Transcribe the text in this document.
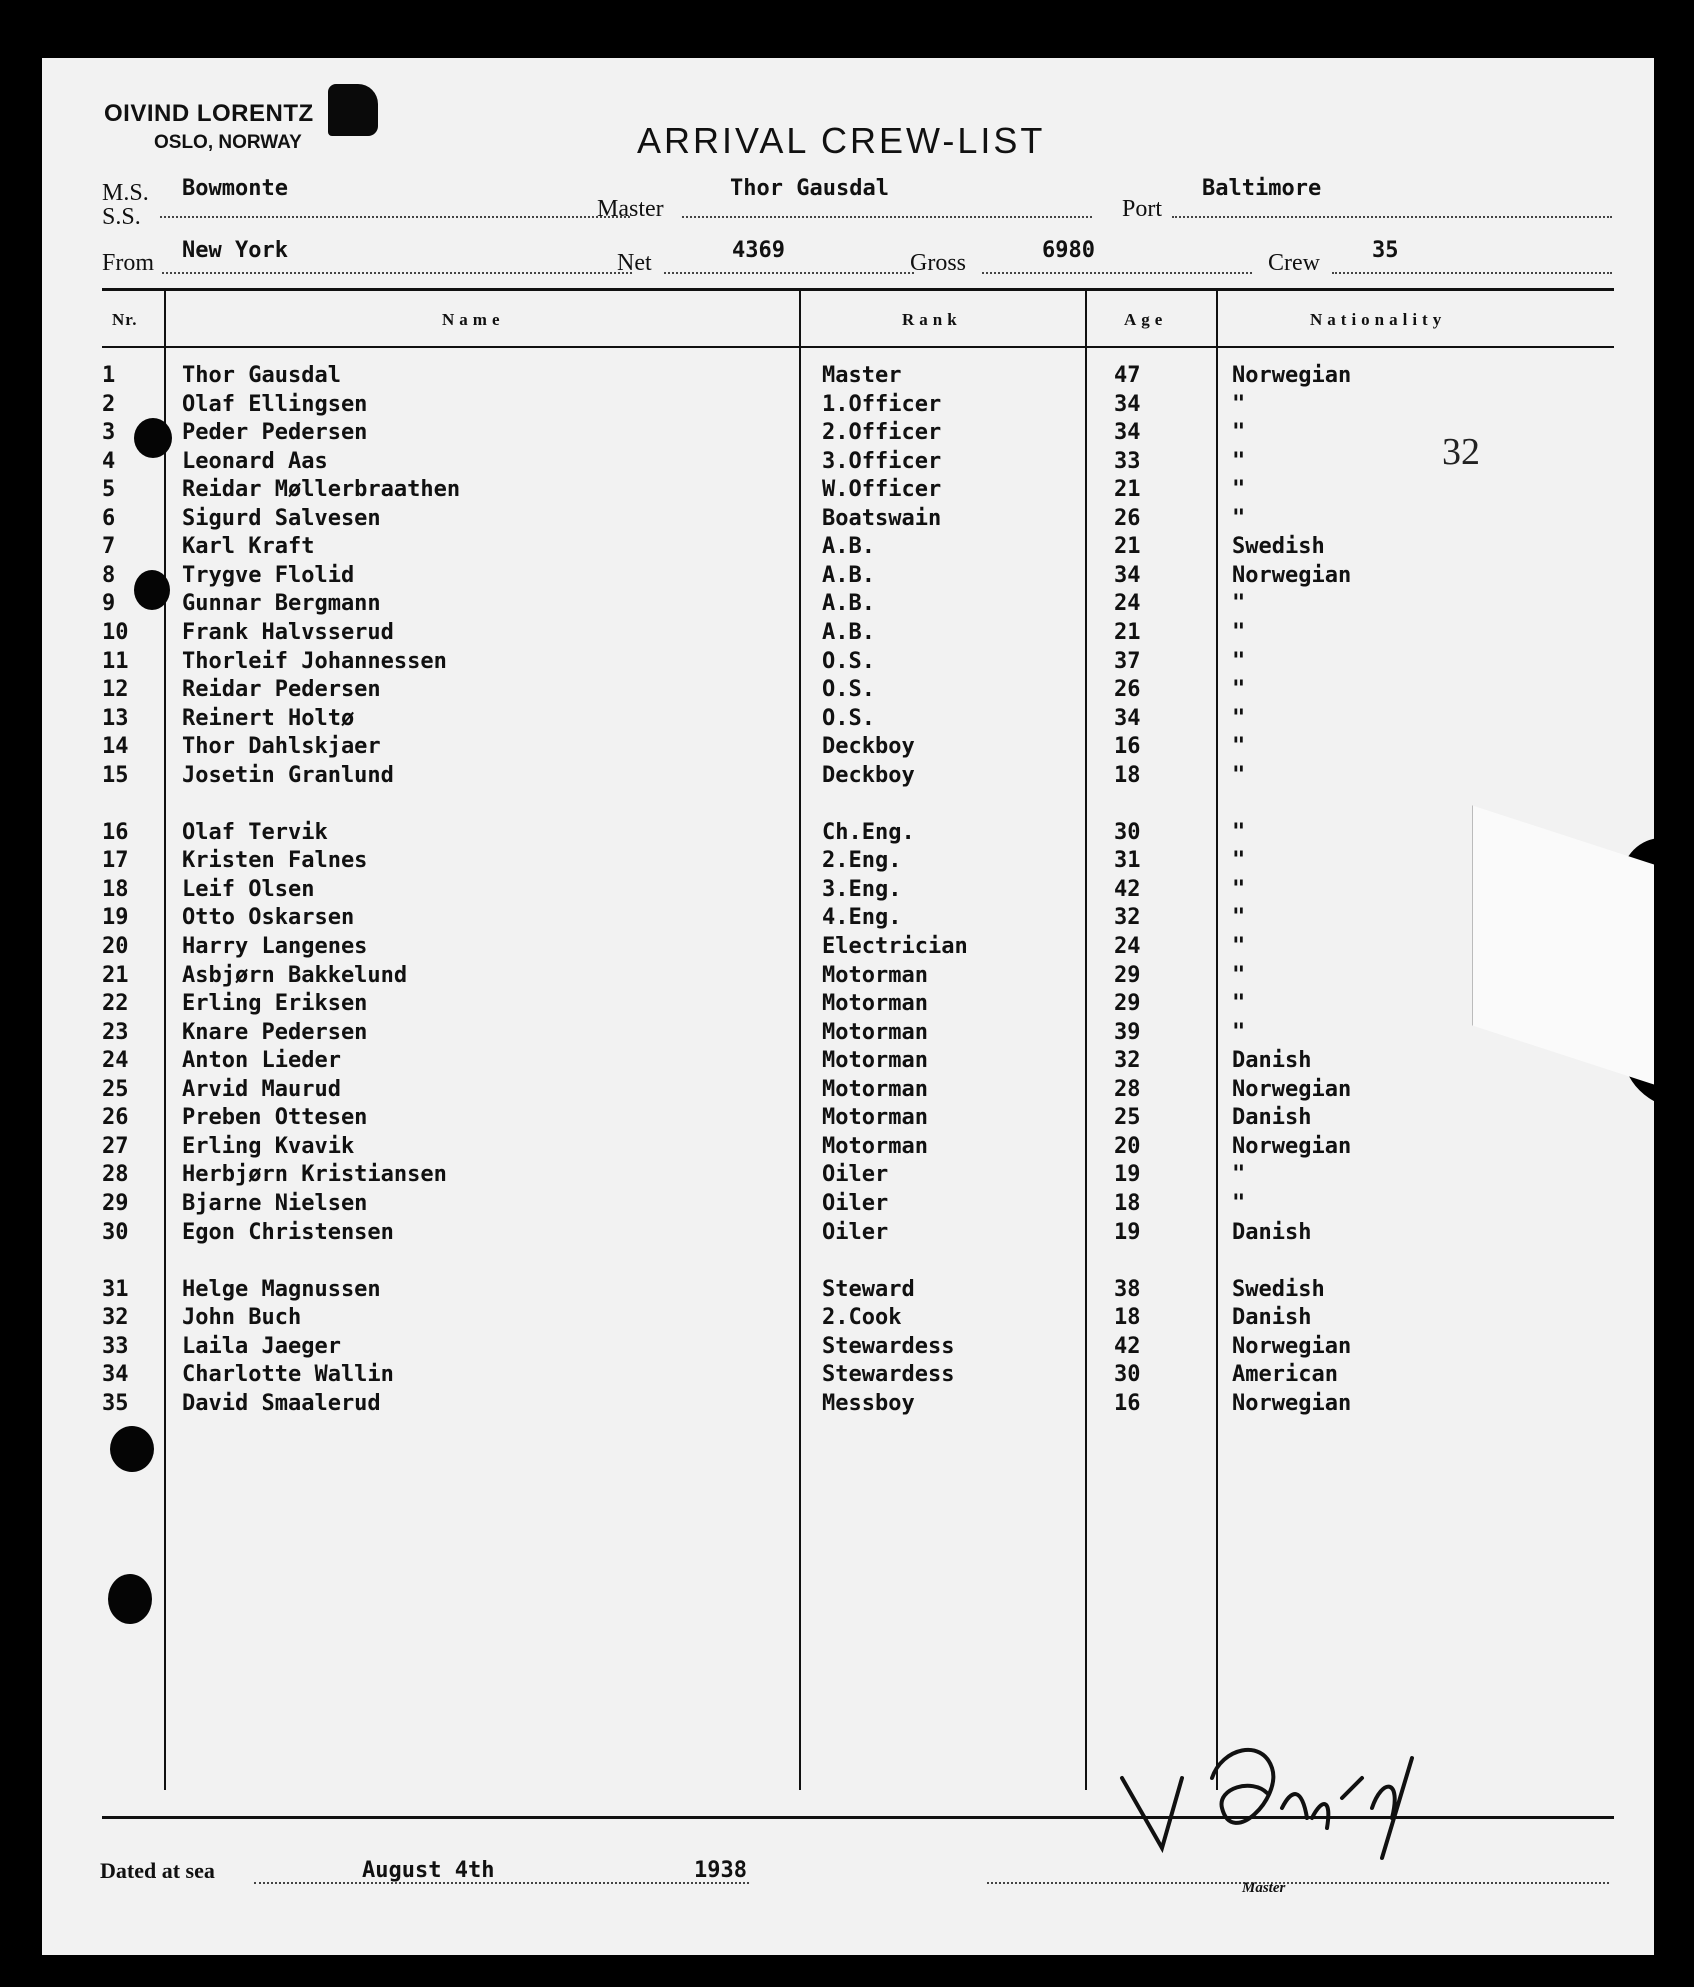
OIVIND LORENTZ
OSLO, NORWAY	ARRIVAL CREW-LIST
M.S.
S.S.
Bowmonte
Master
Thor Gausdal
Port
Baltimore
From New York	Net	4369	Gross	6980	Crew 35
Nr.	Name	Rank	Age	Nationality
1	Thor Gausdal	Master	47	Norwegian
2	Olaf Ellingsen	1.Officer	34	"
3	Peder Pedersen	2.Officer	34	"
4	Leonard Aas	3.Officer	33	"
5	Reidar Møllerbraathen	W.Officer	21	"
6	Sigurd Salvesen	Boatswain	26	"
7	Karl Kraft	A.B.	21	Swedish
8	Trygve Flolid	A.B.	34	Norwegian
9	Gunnar Bergmann	A.B.	24	"
10 Frank Halvsserud	A.B.	21	"
11 Thorleif Johannessen	O.S.	37	"
12 Reidar Pedersen	O.S.	26	"
13 Reinert Holtø	O.S.	34	"
14 Thor Dahlskjaer	Deckboy	16	"
15 Josetin Granlund	Deckboy	18	"
16 Olaf Tervik	Ch.Eng.	30	"
17 Kristen Falnes	2.Eng.	31	"
18 Leif Olsen	3.Eng.	42	"
19 Otto Oskarsen	4.Eng.	32	"
20 Harry Langenes	Electrician	24	"
21 Asbjørn Bakkelund	Motorman	29	"
22 Erling Eriksen	Motorman	29	"
23 Knare Pedersen	Motorman	39	"
24 Anton Lieder	Motorman	32	Danish
25 Arvid Maurud	Motorman	28	Norwegian
26 Preben Ottesen	Motorman	25	Danish
27 Erling Kvavik	Motorman	20	Norwegian
28 Herbjørn Kristiansen	Oiler	19	"
29 Bjarne Nielsen	Oiler	18	"
30 Egon Christensen	Oiler	19	Danish
31 Helge Magnussen	Steward	38	Swedish
32 John Buch	2.Cook	18	Danish
33 Laila Jaeger	Stewardess	42	Norwegian
34 Charlotte Wallin	Stewardess	30	American
35 David Smaalerud	Messboy	16	Norwegian
32
Dated at sea	August 4th	1938
Master
